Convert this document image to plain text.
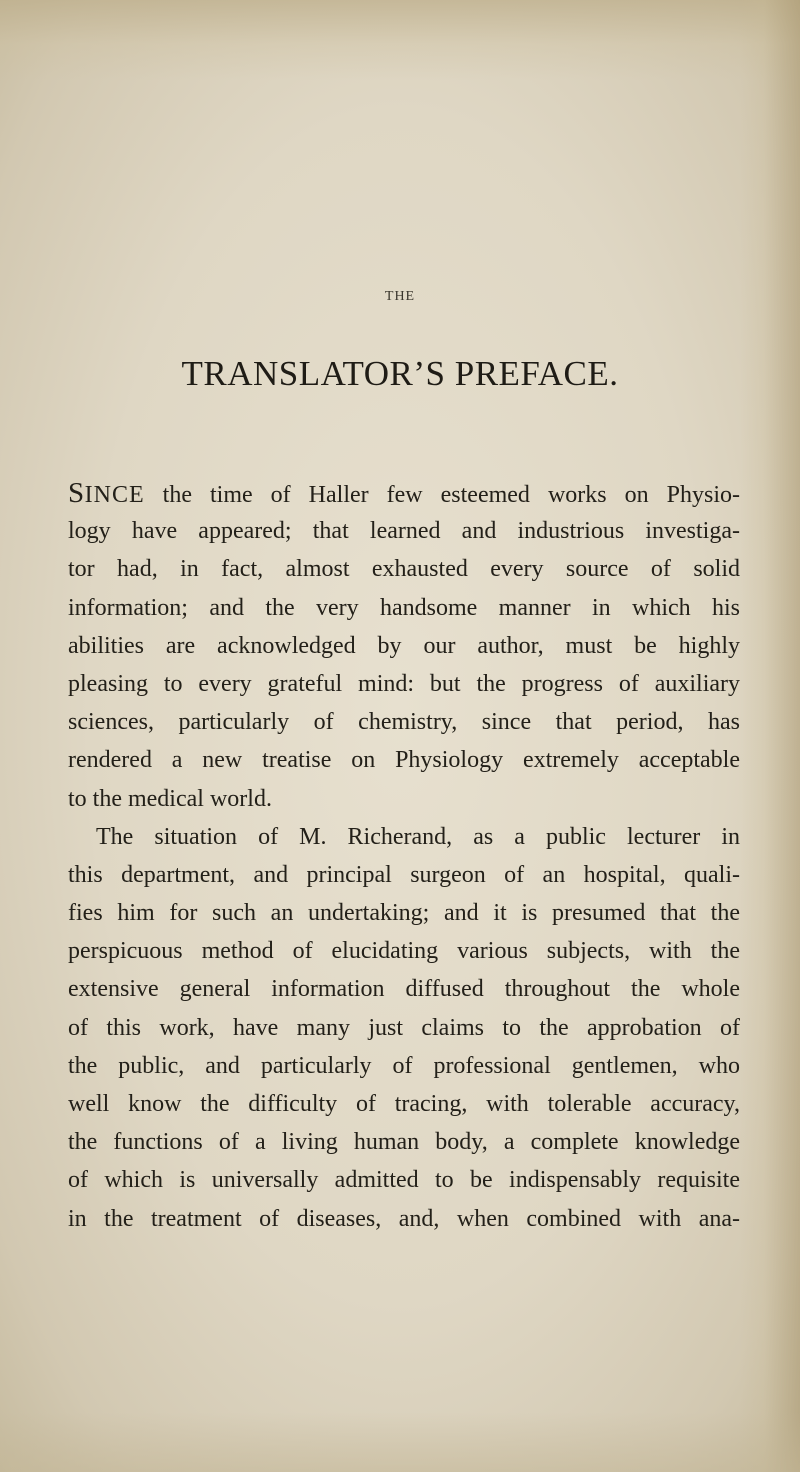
THE
TRANSLATOR’S PREFACE.
SINCE the time of Haller few esteemed works on Physio-
logy have appeared; that learned and industrious investiga-
tor had, in fact, almost exhausted every source of solid
information; and the very handsome manner in which his
abilities are acknowledged by our author, must be highly
pleasing to every grateful mind: but the progress of auxiliary
sciences, particularly of chemistry, since that period, has
rendered a new treatise on Physiology extremely acceptable
to the medical world.
The situation of M. Richerand, as a public lecturer in
this department, and principal surgeon of an hospital, quali-
fies him for such an undertaking; and it is presumed that the
perspicuous method of elucidating various subjects, with the
extensive general information diffused throughout the whole
of this work, have many just claims to the approbation of
the public, and particularly of professional gentlemen, who
well know the difficulty of tracing, with tolerable accuracy,
the functions of a living human body, a complete knowledge
of which is universally admitted to be indispensably requisite
in the treatment of diseases, and, when combined with ana-
